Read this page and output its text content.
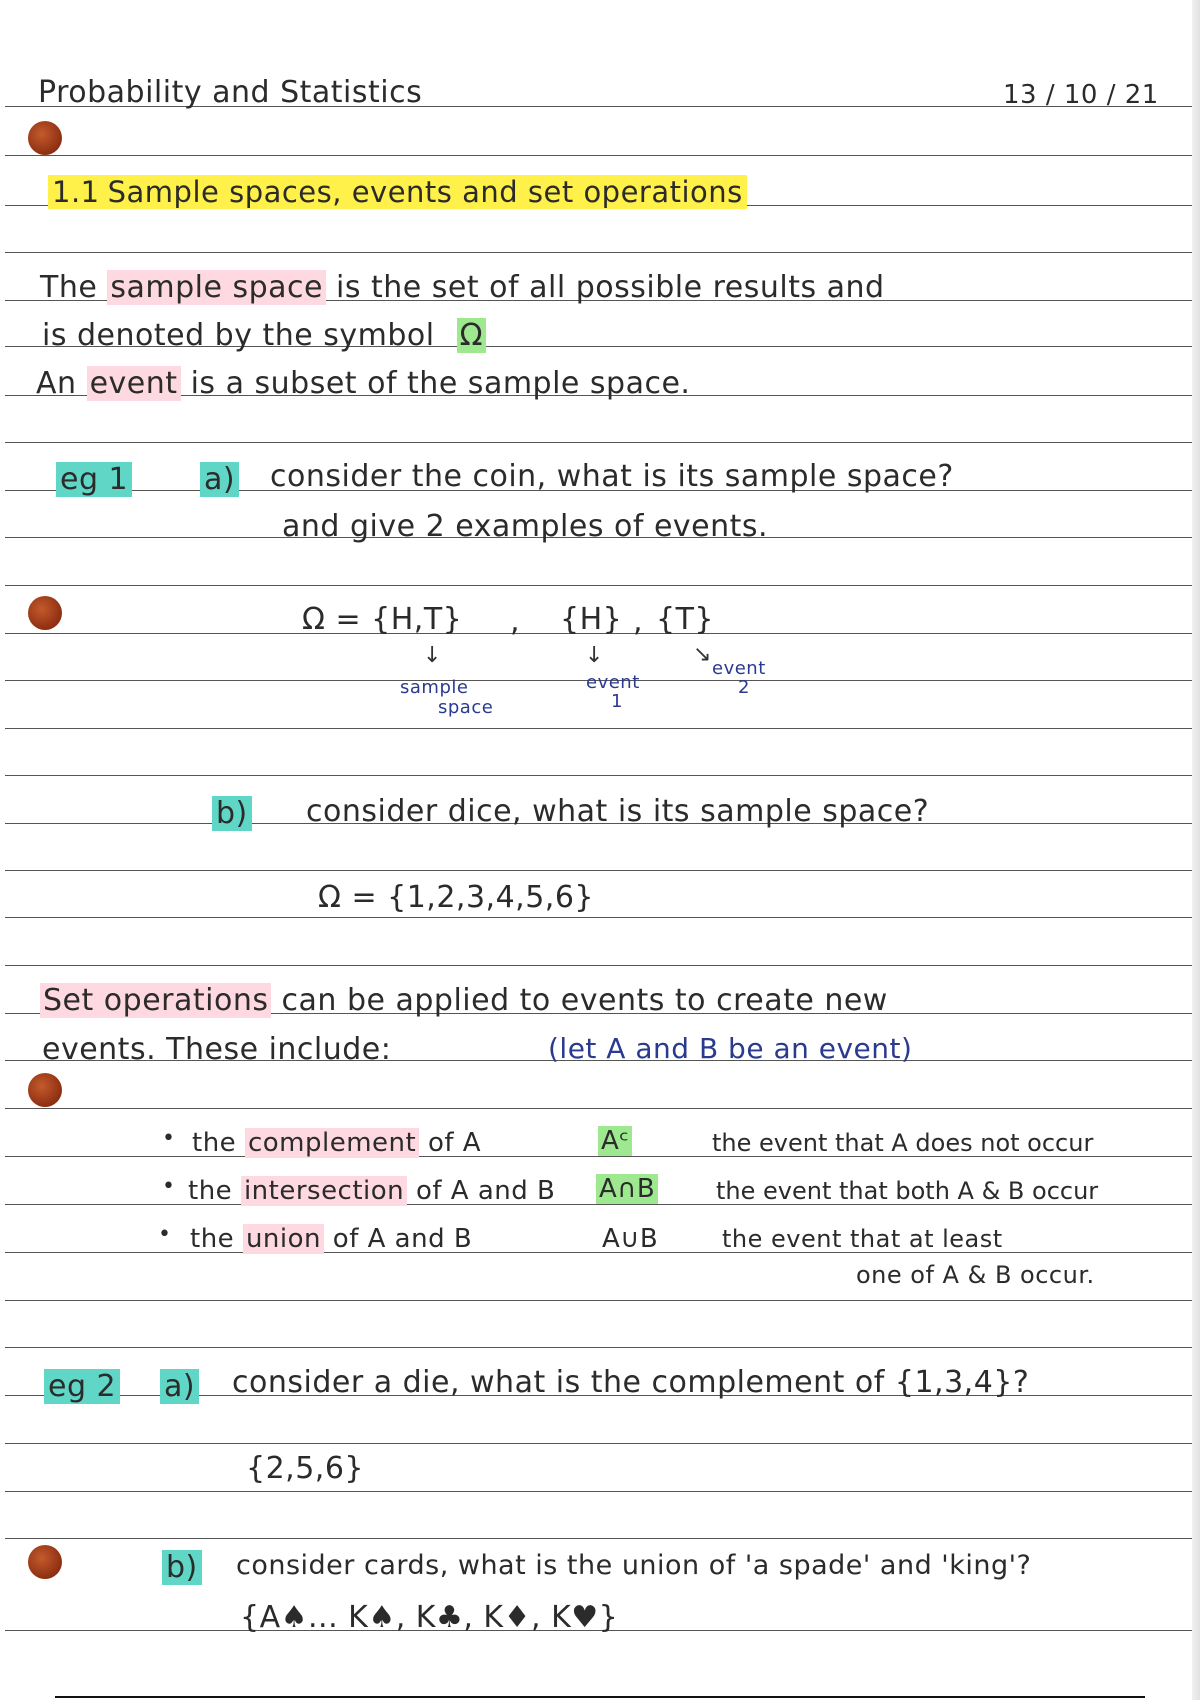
Probability and Statistics	13 / 10 / 21
1.1 Sample spaces, events and set operations
The sample space is the set of all possible results and
is denoted by the symbol Ω
An event is a subset of the sample space.
eg 1	a) consider the coin, what is its sample space?
and give 2 examples of events.
Ω = {H,T} , {H} , {T}
↓	↓	↘
sample
space
event
1
event
2
b) consider dice, what is its sample space?
Ω = {1,2,3,4,5,6}
Set operations can be applied to events to create new
events. These include:	(let A and B be an event)
• the complement of A	Aᶜ	the event that A does not occur
• the intersection of A and B A∩B	the event that both A & B occur
• the union of A and B	A∪B	the event that at least
one of A & B occur.
eg 2 a) consider a die, what is the complement of {1,3,4}?
{2,5,6}
b) consider cards, what is the union of 'a spade' and 'king'?
{A♠... K♠, K♣, K♦, K♥}
